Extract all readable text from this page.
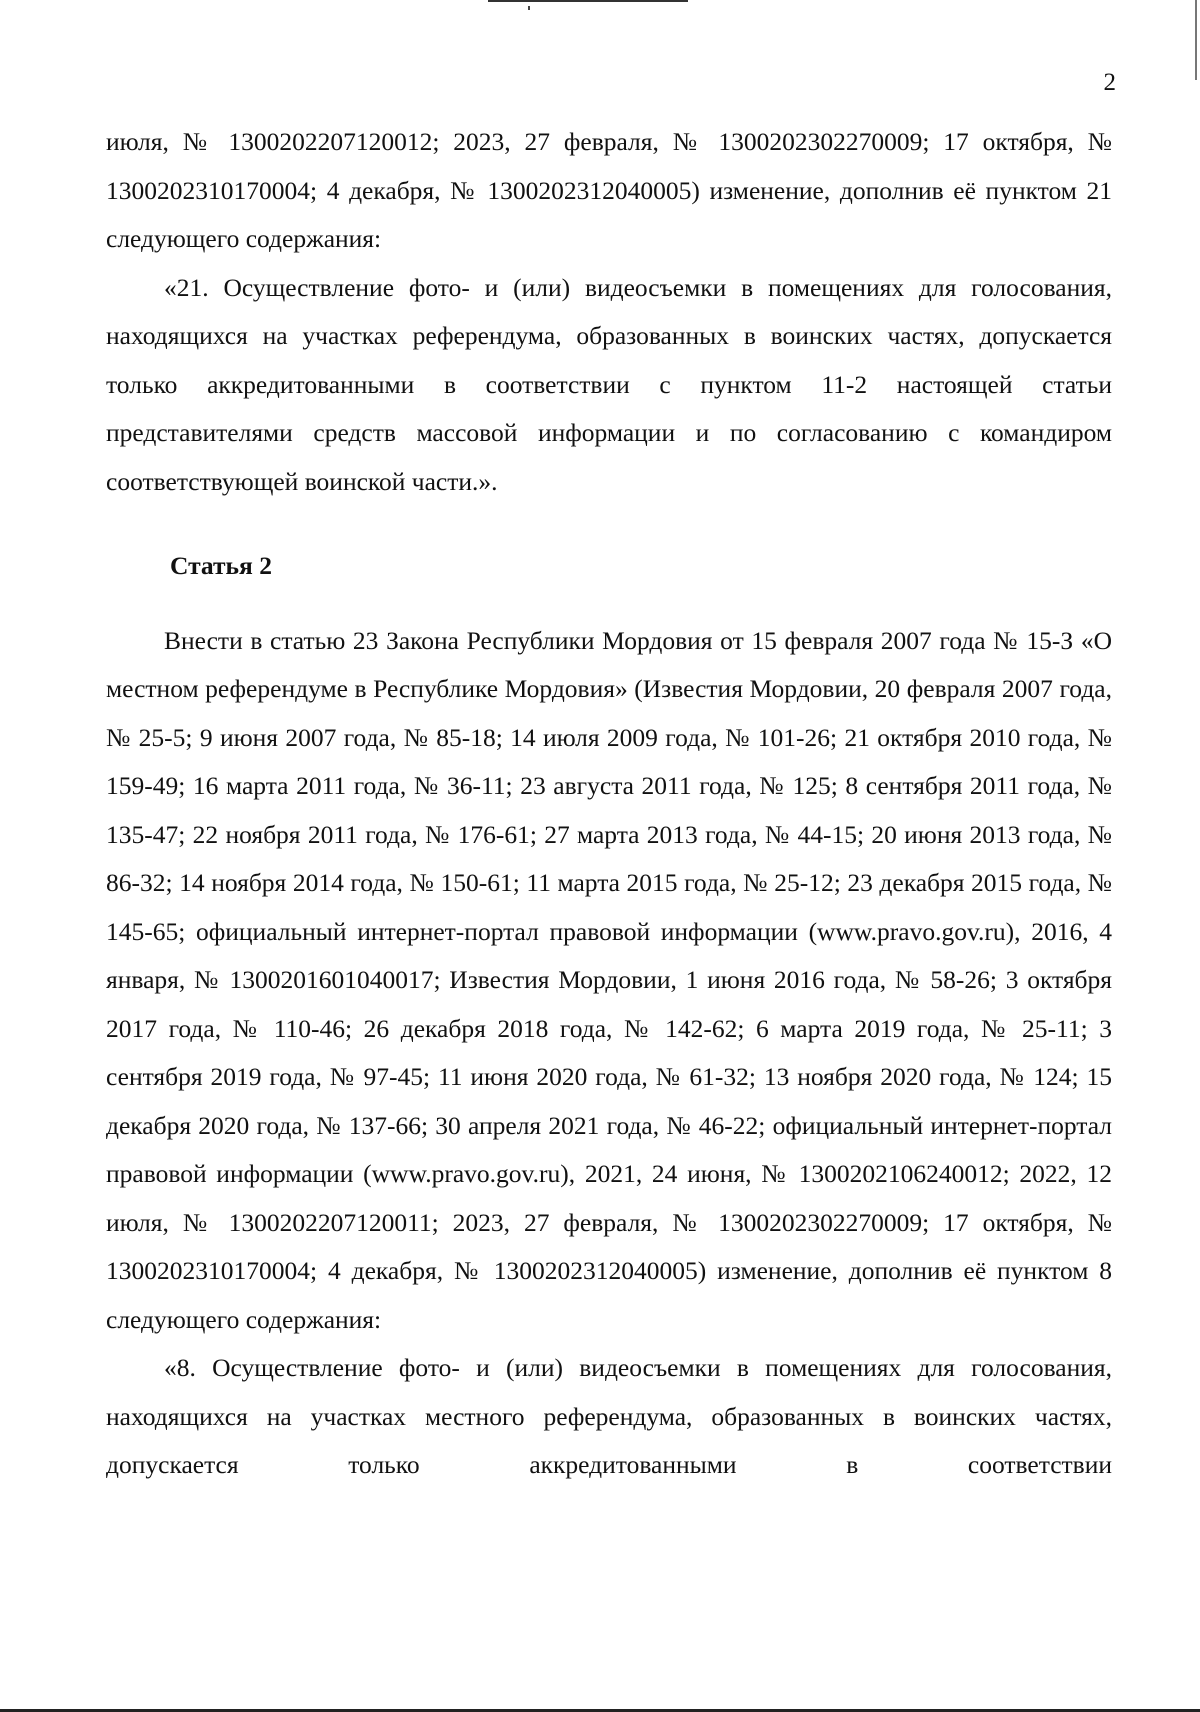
2

июля, № 1300202207120012; 2023, 27 февраля, № 1300202302270009; 17 октября, № 1300202310170004; 4 декабря, № 1300202312040005) изменение, дополнив её пунктом 21 следующего содержания:

«21. Осуществление фото- и (или) видеосъемки в помещениях для голосования, находящихся на участках референдума, образованных в воинских частях, допускается только аккредитованными в соответствии с пунктом 11-2 настоящей статьи представителями средств массовой информации и по согласованию с командиром соответствующей воинской части.».

Статья 2

Внести в статью 23 Закона Республики Мордовия от 15 февраля 2007 года № 15-З «О местном референдуме в Республике Мордовия» (Известия Мордовии, 20 февраля 2007 года, № 25-5; 9 июня 2007 года, № 85-18; 14 июля 2009 года, № 101-26; 21 октября 2010 года, № 159-49; 16 марта 2011 года, № 36-11; 23 августа 2011 года, № 125; 8 сентября 2011 года, № 135-47; 22 ноября 2011 года, № 176-61; 27 марта 2013 года, № 44-15; 20 июня 2013 года, № 86-32; 14 ноября 2014 года, № 150-61; 11 марта 2015 года, № 25-12; 23 декабря 2015 года, № 145-65; официальный интернет-портал правовой информации (www.pravo.gov.ru), 2016, 4 января, № 1300201601040017; Известия Мордовии, 1 июня 2016 года, № 58-26; 3 октября 2017 года, № 110-46; 26 декабря 2018 года, № 142-62; 6 марта 2019 года, № 25-11; 3 сентября 2019 года, № 97-45; 11 июня 2020 года, № 61-32; 13 ноября 2020 года, № 124; 15 декабря 2020 года, № 137-66; 30 апреля 2021 года, № 46-22; официальный интернет-портал правовой информации (www.pravo.gov.ru), 2021, 24 июня, № 1300202106240012; 2022, 12 июля, № 1300202207120011; 2023, 27 февраля, № 1300202302270009; 17 октября, № 1300202310170004; 4 декабря, № 1300202312040005) изменение, дополнив её пунктом 8 следующего содержания:

«8. Осуществление фото- и (или) видеосъемки в помещениях для голосования, находящихся на участках местного референдума, образованных в воинских частях, допускается только аккредитованными в соответствии
